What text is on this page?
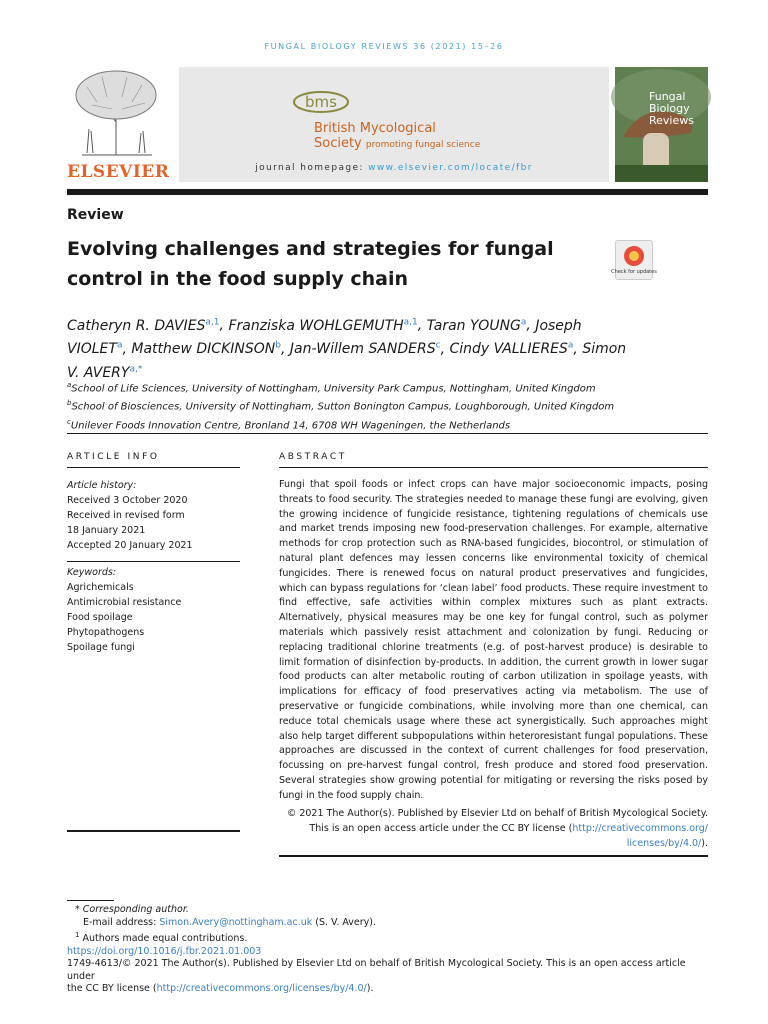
FUNGAL BIOLOGY REVIEWS 36 (2021) 15–26
ELSEVIER
bms
British Mycological
Society promoting fungal science
journal homepage: www.elsevier.com/locate/fbr
Fungal
Biology
Reviews
Review
Evolving challenges and strategies for fungal control in the food supply chain	Check for updates
Catheryn R. DAVIES$^{a,1}$, Franziska WOHLGEMUTH$^{a,1}$, Taran YOUNG$^a$, Joseph VIOLET$^a$, Matthew DICKINSON$^b$, Jan-Willem SANDERS$^c$, Cindy VALLIERES$^a$, Simon V. $AVERY^{a,*}$
$^a$School of Life Sciences, University of Nottingham, University Park Campus, Nottingham, United Kingdom
$^b$School of Biosciences, University of Nottingham, Sutton Bonington Campus, Loughborough, United Kingdom
$^c$Unilever Foods Innovation Centre, Bronland 14, 6708 WH Wageningen, the Netherlands
ARTICLE INFO
Article history:
Received 3 October 2020
Received in revised form
18 January 2021
Accepted 20 January 2021
Keywords:
Agrichemicals
Antimicrobial resistance
Food spoilage
Phytopathogens
Spoilage fungi
ABSTRACT
Fungi that spoil foods or infect crops can have major socioeconomic impacts, posing threats to food security. The strategies needed to manage these fungi are evolving, given the growing incidence of fungicide resistance, tightening regulations of chemicals use and market trends imposing new food-preservation challenges. For example, alternative methods for crop protection such as RNA-based fungicides, biocontrol, or stimulation of natural plant defences may lessen concerns like environmental toxicity of chemical fungicides. There is renewed focus on natural product preservatives and fungicides, which can bypass regulations for ‘clean label’ food products. These require investment to find effective, safe activities within complex mixtures such as plant extracts. Alternatively, physical measures may be one key for fungal control, such as polymer materials which passively resist attachment and colonization by fungi. Reducing or replacing traditional chlorine treatments (e.g. of post-harvest produce) is desirable to limit formation of disinfection by-products. In addition, the current growth in lower sugar food products can alter metabolic routing of carbon utilization in spoilage yeasts, with implications for efficacy of food preservatives acting via metabolism. The use of preservative or fungicide combinations, while involving more than one chemical, can reduce total chemicals usage where these act synergistically. Such approaches might also help target different subpopulations within heteroresistant fungal populations. These approaches are discussed in the context of current challenges for food preservation, focussing on pre-harvest fungal control, fresh produce and stored food preservation. Several strategies show growing potential for mitigating or reversing the risks posed by fungi in the food supply chain.
© 2021 The Author(s). Published by Elsevier Ltd on behalf of British Mycological Society.
This is an open access article under the CC BY license (http://creativecommons.org/
licenses/by/4.0/).
* Corresponding author.
E-mail address: Simon.Avery@nottingham.ac.uk (S. V. Avery).
$^1$ Authors made equal contributions.
https://doi.org/10.1016/j.fbr.2021.01.003
1749-4613/© 2021 The Author(s). Published by Elsevier Ltd on behalf of British Mycological Society. This is an open access article under
the CC BY license (http://creativecommons.org/licenses/by/4.0/).
